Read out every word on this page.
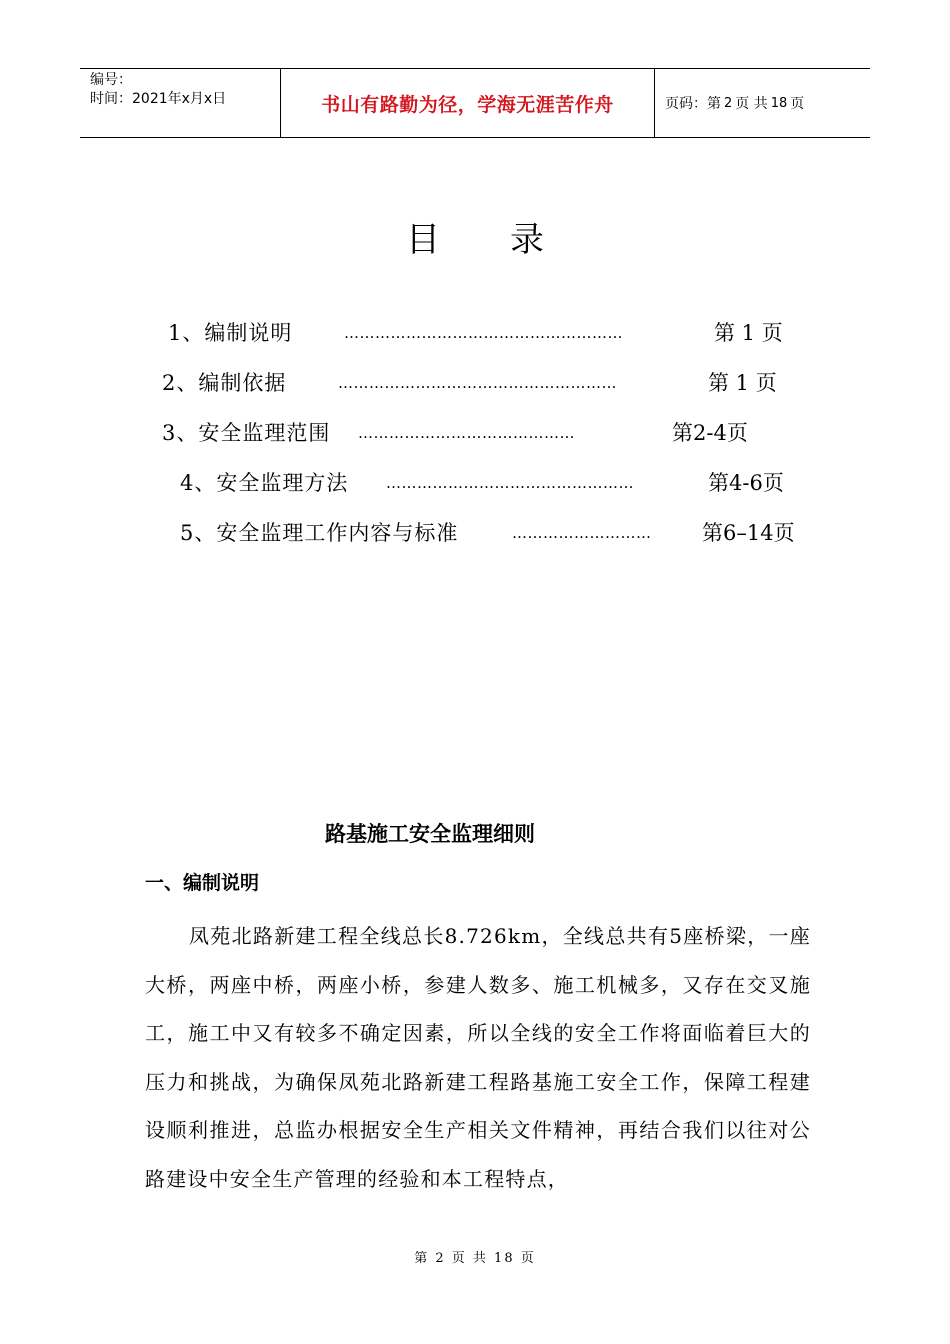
编号：
时间：2021年x月x日	书山有路勤为径，学海无涯苦作舟	页码：第 2 页 共 18 页
目录
1、编制说明	………………………………………………	第 1 页
2、编制依据	………………………………………………	第 1 页
3、安全监理范围 ……………………………………	第2-4页
4、安全监理方法	…………………………………………	第4-6页
5、安全监理工作内容与标准	……………………… 第6–14页
路基施工安全监理细则
一、编制说明

凤苑北路新建工程全线总长8.726km，全线总共有5座桥梁，一座大桥，两座中桥，两座小桥，参建人数多、施工机械多，又存在交叉施工，施工中又有较多不确定因素，所以全线的安全工作将面临着巨大的压力和挑战，为确保凤苑北路新建工程路基施工安全工作，保障工程建设顺利推进，总监办根据安全生产相关文件精神，再结合我们以往对公路建设中安全生产管理的经验和本工程特点，

第 2 页 共 18 页
